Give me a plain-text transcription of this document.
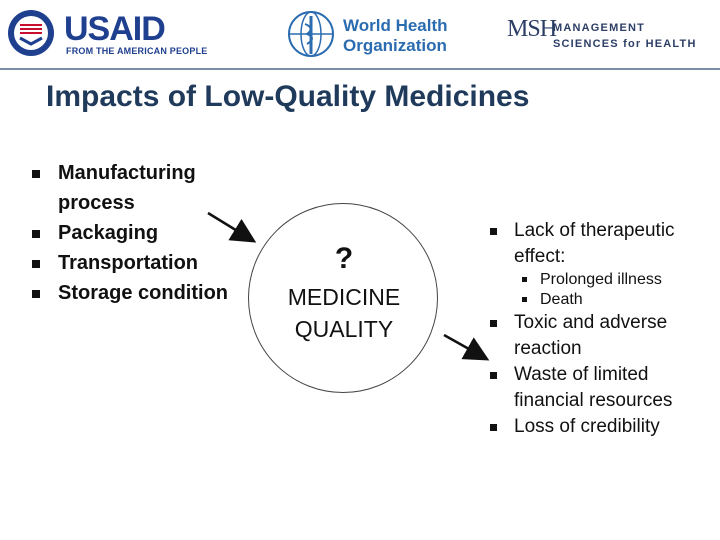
USAID
FROM THE AMERICAN PEOPLE
World Health
Organization
MSH
MANAGEMENT
SCIENCES for HEALTH
Impacts of Low-Quality Medicines
Manufacturing process
Packaging
Transportation
Storage condition
?
MEDICINE
QUALITY
Lack of therapeutic effect:
Prolonged illness
Death
Toxic and adverse reaction
Waste of limited financial resources
Loss of credibility
